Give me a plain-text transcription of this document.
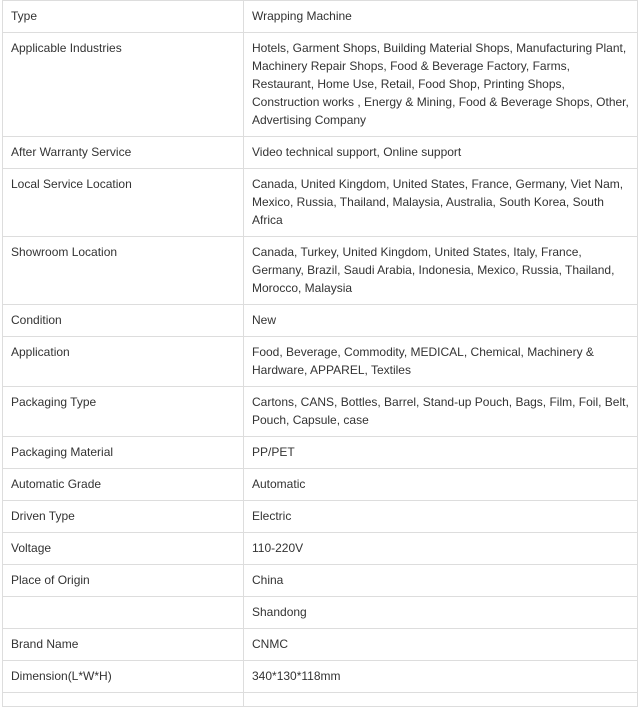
Type	Wrapping Machine
Applicable Industries	Hotels, Garment Shops, Building Material Shops, Manufacturing Plant, Machinery Repair Shops, Food & Beverage Factory, Farms, Restaurant, Home Use, Retail, Food Shop, Printing Shops, Construction works , Energy & Mining, Food & Beverage Shops, Other, Advertising Company
After Warranty Service	Video technical support, Online support
Local Service Location	Canada, United Kingdom, United States, France, Germany, Viet Nam, Mexico, Russia, Thailand, Malaysia, Australia, South Korea, South Africa
Showroom Location	Canada, Turkey, United Kingdom, United States, Italy, France, Germany, Brazil, Saudi Arabia, Indonesia, Mexico, Russia, Thailand, Morocco, Malaysia
Condition	New
Application	Food, Beverage, Commodity, MEDICAL, Chemical, Machinery & Hardware, APPAREL, Textiles
Packaging Type	Cartons, CANS, Bottles, Barrel, Stand-up Pouch, Bags, Film, Foil, Belt, Pouch, Capsule, case
Packaging Material	PP/PET
Automatic Grade	Automatic
Driven Type	Electric
Voltage	110-220V
Place of Origin	China
	Shandong
Brand Name	CNMC
Dimension(L*W*H)	340*130*118mm
